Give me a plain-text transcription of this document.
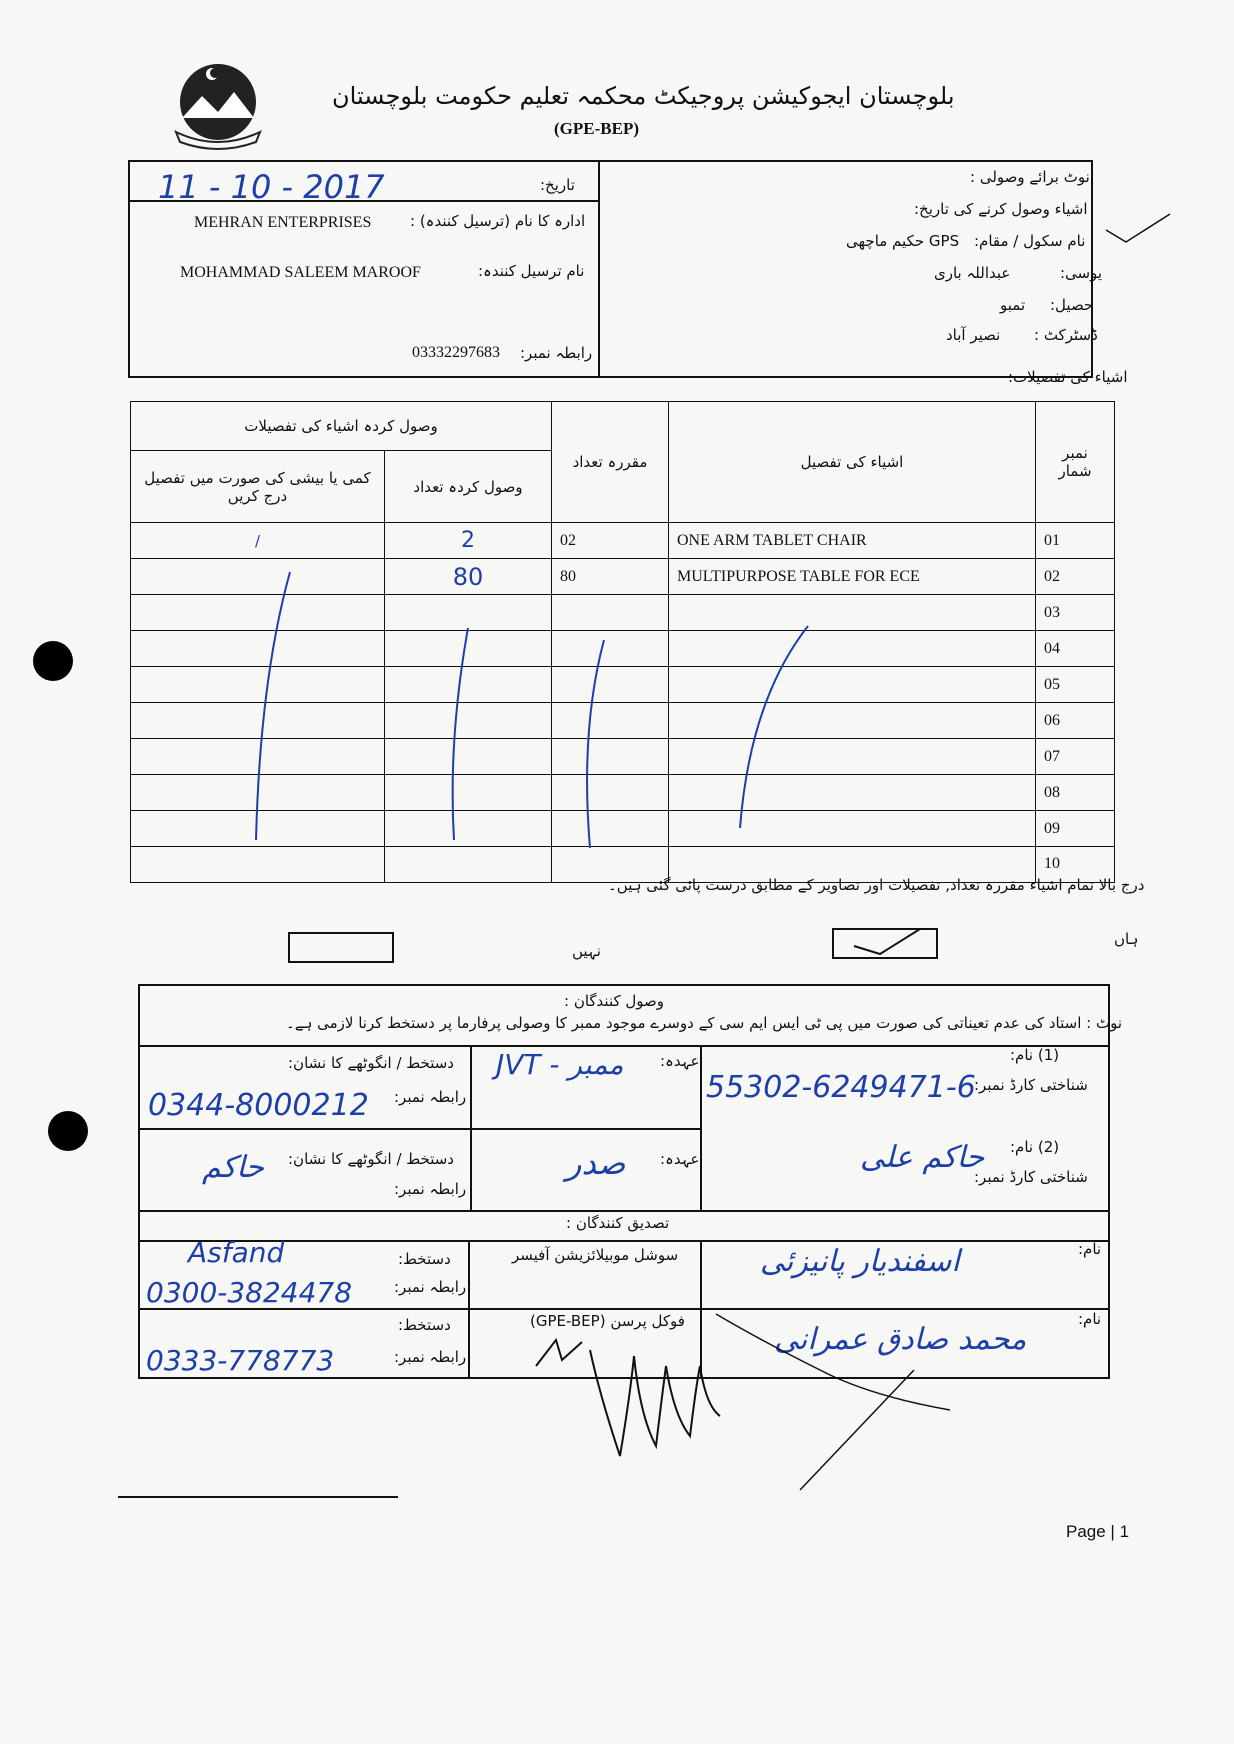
بلوچستان ایجوکیشن پروجیکٹ محکمہ تعلیم حکومت بلوچستان
(GPE-BEP)
تاریخ:
11 - 10 - 2017
ادارہ کا نام (ترسیل کنندہ) :
MEHRAN ENTERPRISES
نام ترسیل کنندہ:
MOHAMMAD SALEEM MAROOF
رابطہ نمبر:
03332297683
نوٹ برائے وصولی :
اشیاء وصول کرنے کی تاریخ:
نام سکول / مقام:
GPS حکیم ماچھی
یوسی:
عبداللہ باری
حصیل:
تمبو
ڈسٹرکٹ :
نصیر آباد
اشیاء کی تفصیلات:
نمبر شمار	اشیاء کی تفصیل	مقررہ تعداد	وصول کردہ اشیاء کی تفصیلات	
			وصول کردہ تعداد	کمی یا بیشی کی صورت میں تفصیل درج کریں
01	ONE ARM TABLET CHAIR	02	2	/
02	MULTIPURPOSE TABLE FOR ECE	80	80	
03				
04				
05				
06				
07				
08				
09				
10				
درج بالا تمام اشیاء مقررہ تعداد, تفصیلات اور تصاویر کے مطابق درست پائی گئی ہیں۔
ہاں
نہیں
وصول کنندگان :
نوٹ : استاد کی عدم تعیناتی کی صورت میں پی ٹی ایس ایم سی کے دوسرے موجود ممبر کا وصولی پرفارما پر دستخط کرنا لازمی ہے۔
(1) نام:
شناختی کارڈ نمبر:
55302-6249471-6
عہدہ:
JVT - ممبر
دستخط / انگوٹھے کا نشان:
رابطہ نمبر:
0344-8000212
(2) نام:
حاکم علی
شناختی کارڈ نمبر:
عہدہ:
صدر
دستخط / انگوٹھے کا نشان:
حاکم
رابطہ نمبر:
تصدیق کنندگان :
نام:
اسفندیار پانیزئی
سوشل موبیلائزیشن آفیسر
دستخط:
Asfand
رابطہ نمبر:
0300-3824478
نام:
محمد صادق عمرانی
فوکل پرسن (GPE-BEP)
دستخط:
رابطہ نمبر:
0333-778773
Page | 1
